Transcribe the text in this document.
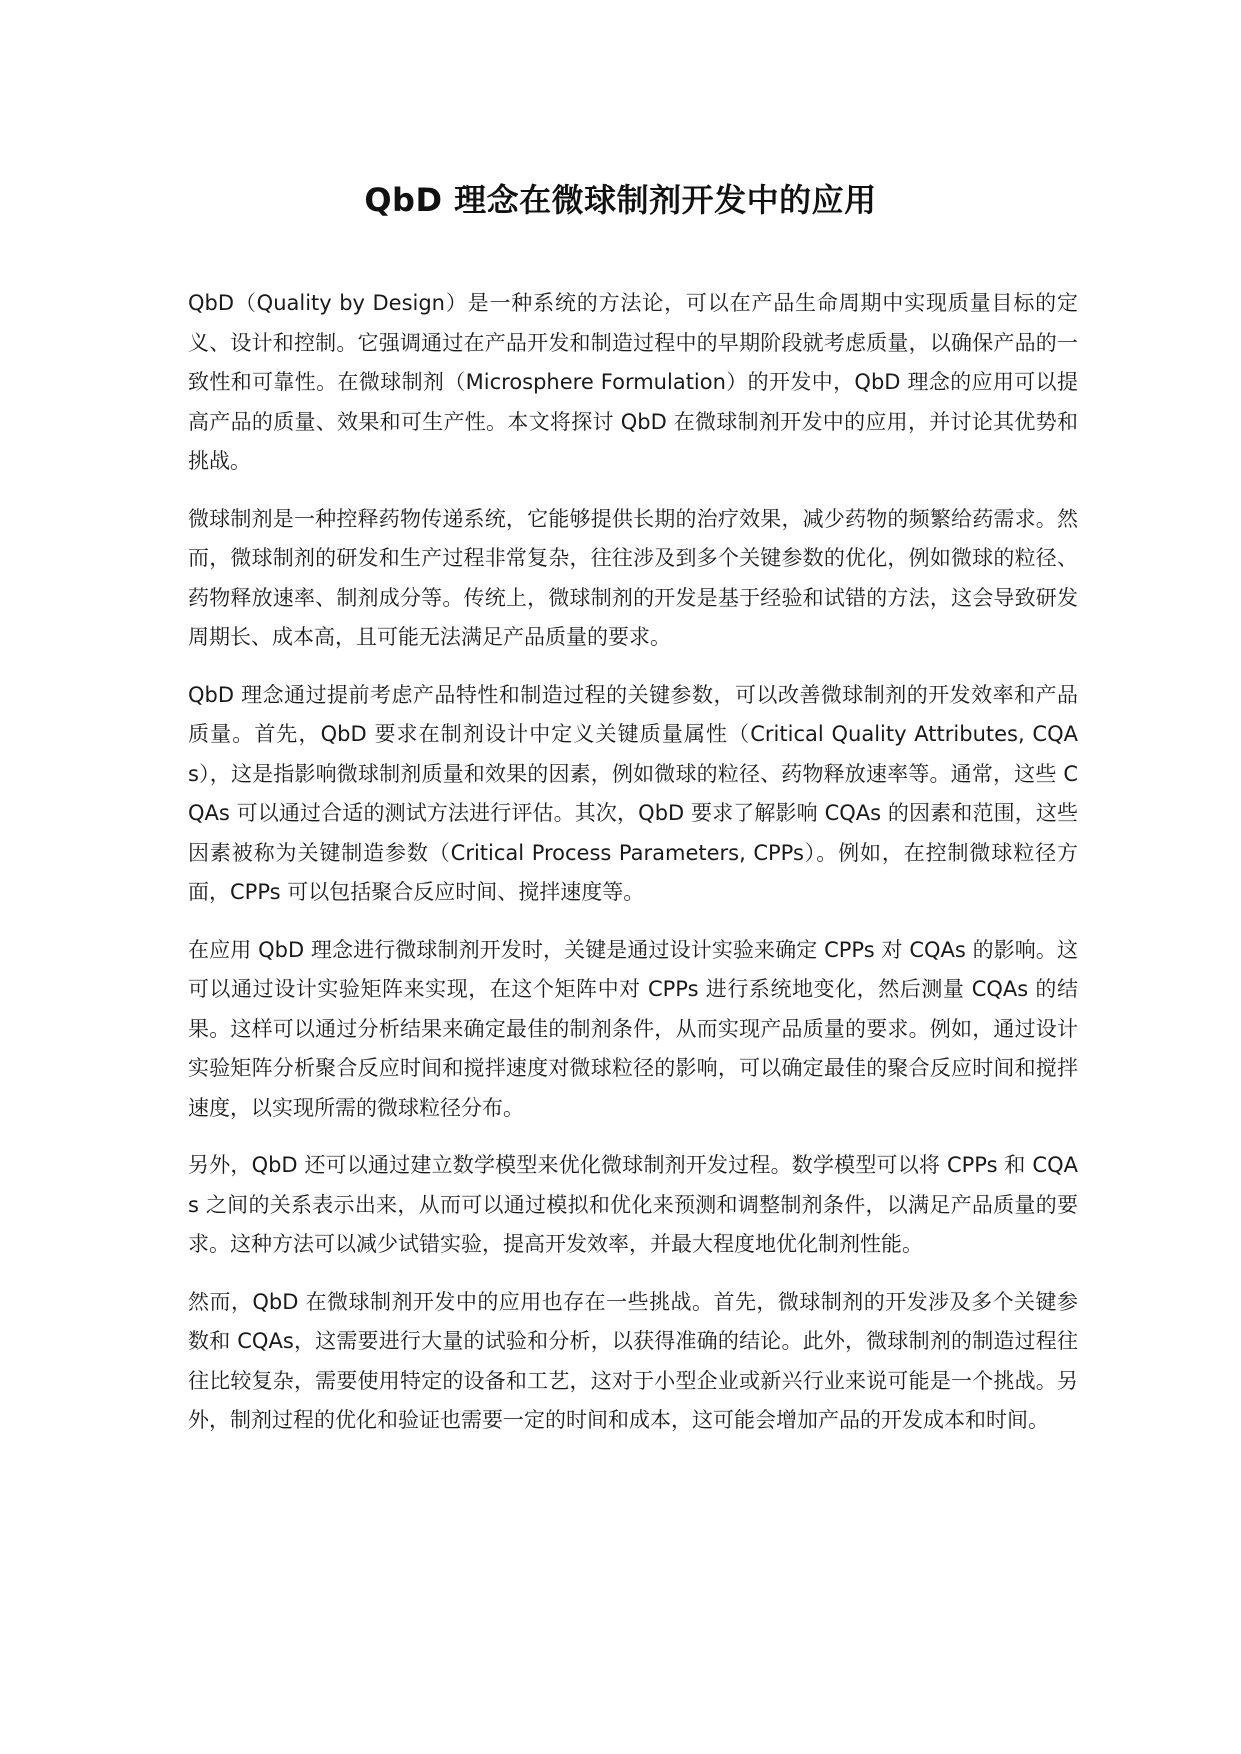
QbD 理念在微球制剂开发中的应用

QbD（Quality by Design）是一种系统的方法论，可以在产品生命周期中实现质量目标的定义、设计和控制。它强调通过在产品开发和制造过程中的早期阶段就考虑质量，以确保产品的一致性和可靠性。在微球制剂（Microsphere Formulation）的开发中，QbD 理念的应用可以提高产品的质量、效果和可生产性。本文将探讨 QbD 在微球制剂开发中的应用，并讨论其优势和挑战。

微球制剂是一种控释药物传递系统，它能够提供长期的治疗效果，减少药物的频繁给药需求。然而，微球制剂的研发和生产过程非常复杂，往往涉及到多个关键参数的优化，例如微球的粒径、药物释放速率、制剂成分等。传统上，微球制剂的开发是基于经验和试错的方法，这会导致研发周期长、成本高，且可能无法满足产品质量的要求。

QbD 理念通过提前考虑产品特性和制造过程的关键参数，可以改善微球制剂的开发效率和产品质量。首先，QbD 要求在制剂设计中定义关键质量属性（Critical Quality Attributes, CQAs），这是指影响微球制剂质量和效果的因素，例如微球的粒径、药物释放速率等。通常，这些 CQAs 可以通过合适的测试方法进行评估。其次，QbD 要求了解影响 CQAs 的因素和范围，这些因素被称为关键制造参数（Critical Process Parameters, CPPs）。例如，在控制微球粒径方面，CPPs 可以包括聚合反应时间、搅拌速度等。

在应用 QbD 理念进行微球制剂开发时，关键是通过设计实验来确定 CPPs 对 CQAs 的影响。这可以通过设计实验矩阵来实现，在这个矩阵中对 CPPs 进行系统地变化，然后测量 CQAs 的结果。这样可以通过分析结果来确定最佳的制剂条件，从而实现产品质量的要求。例如，通过设计实验矩阵分析聚合反应时间和搅拌速度对微球粒径的影响，可以确定最佳的聚合反应时间和搅拌速度，以实现所需的微球粒径分布。

另外，QbD 还可以通过建立数学模型来优化微球制剂开发过程。数学模型可以将 CPPs 和 CQAs 之间的关系表示出来，从而可以通过模拟和优化来预测和调整制剂条件，以满足产品质量的要求。这种方法可以减少试错实验，提高开发效率，并最大程度地优化制剂性能。

然而，QbD 在微球制剂开发中的应用也存在一些挑战。首先，微球制剂的开发涉及多个关键参数和 CQAs，这需要进行大量的试验和分析，以获得准确的结论。此外，微球制剂的制造过程往往比较复杂，需要使用特定的设备和工艺，这对于小型企业或新兴行业来说可能是一个挑战。另外，制剂过程的优化和验证也需要一定的时间和成本，这可能会增加产品的开发成本和时间。
